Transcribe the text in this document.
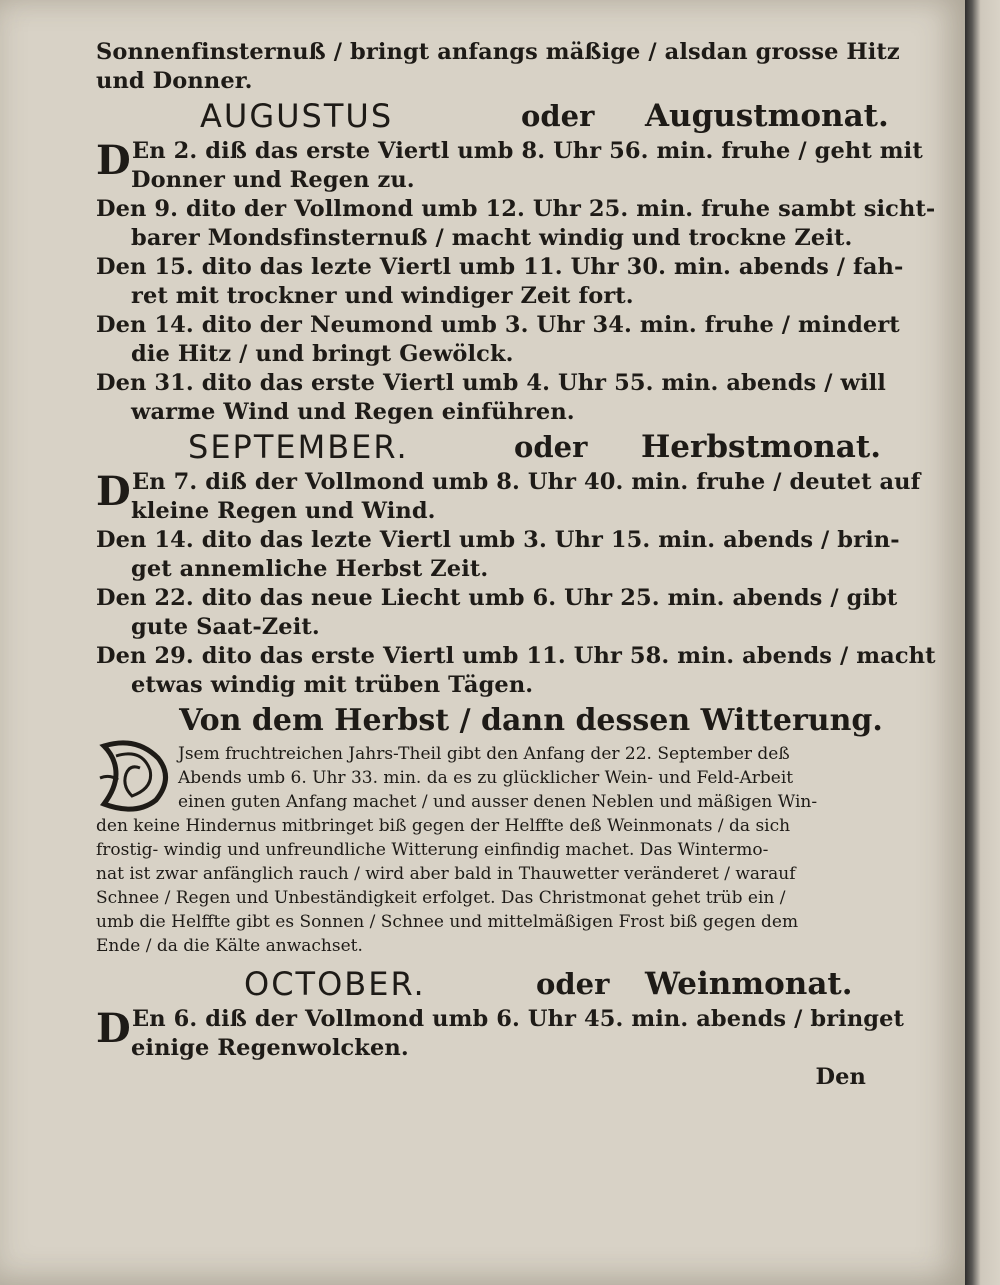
Sonnenfinsternuß / bringt anfangs mäßige / alsdan grosse Hitz
und Donner.
AUGUSTUS	oder Augustmonat.
D En 2. diß das erste Viertl umb 8. Uhr 56. min. fruhe / geht mit
Donner und Regen zu.
Den 9. dito der Vollmond umb 12. Uhr 25. min. fruhe sambt sicht-
barer Mondsfinsternuß / macht windig und trockne Zeit.
Den 15. dito das lezte Viertl umb 11. Uhr 30. min. abends / fah-
ret mit trockner und windiger Zeit fort.
Den 14. dito der Neumond umb 3. Uhr 34. min. fruhe / mindert
die Hitz / und bringt Gewölck.
Den 31. dito das erste Viertl umb 4. Uhr 55. min. abends / will
warme Wind und Regen einführen.
SEPTEMBER.	oder Herbstmonat.
D En 7. diß der Vollmond umb 8. Uhr 40. min. fruhe / deutet auf
kleine Regen und Wind.
Den 14. dito das lezte Viertl umb 3. Uhr 15. min. abends / brin-
get annemliche Herbst Zeit.
Den 22. dito das neue Liecht umb 6. Uhr 25. min. abends / gibt
gute Saat-Zeit.
Den 29. dito das erste Viertl umb 11. Uhr 58. min. abends / macht
etwas windig mit trüben Tägen.
Von dem Herbst / dann dessen Witterung.
Jsem fruchtreichen Jahrs-Theil gibt den Anfang der 22. September deß
Abends umb 6. Uhr 33. min. da es zu glücklicher Wein- und Feld-Arbeit
einen guten Anfang machet / und ausser denen Neblen und mäßigen Win-
den keine Hindernus mitbringet biß gegen der Helffte deß Weinmonats / da sich
frostig- windig und unfreundliche Witterung einfindig machet. Das Wintermo-
nat ist zwar anfänglich rauch / wird aber bald in Thauwetter veränderet / warauf
Schnee / Regen und Unbeständigkeit erfolget. Das Christmonat gehet trüb ein /
umb die Helffte gibt es Sonnen / Schnee und mittelmäßigen Frost biß gegen dem
Ende / da die Kälte anwachset.
OCTOBER.	oder Weinmonat.
D En 6. diß der Vollmond umb 6. Uhr 45. min. abends / bringet
einige Regenwolcken.
Den
